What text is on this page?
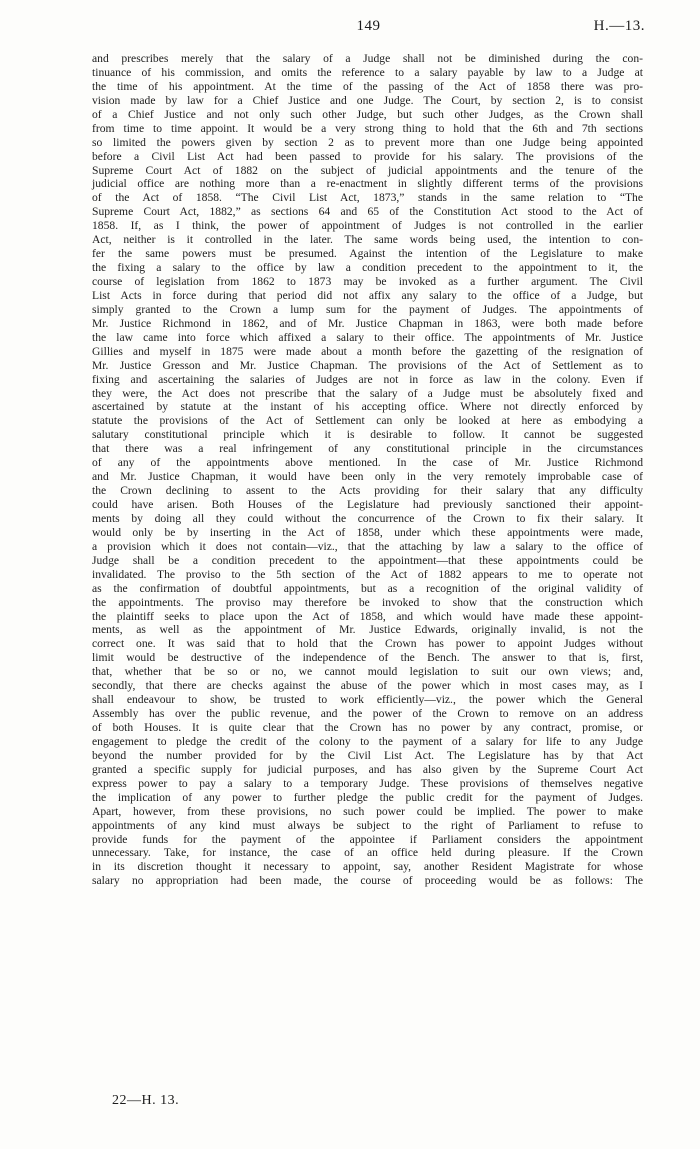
149	H.—13.
and prescribes merely that the salary of a Judge shall not be diminished during the con-
tinuance of his commission, and omits the reference to a salary payable by law to a Judge at
the time of his appointment. At the time of the passing of the Act of 1858 there was pro-
vision made by law for a Chief Justice and one Judge. The Court, by section 2, is to consist
of a Chief Justice and not only such other Judge, but such other Judges, as the Crown shall
from time to time appoint. It would be a very strong thing to hold that the 6th and 7th sections
so limited the powers given by section 2 as to prevent more than one Judge being appointed
before a Civil List Act had been passed to provide for his salary. The provisions of the
Supreme Court Act of 1882 on the subject of judicial appointments and the tenure of the
judicial office are nothing more than a re-enactment in slightly different terms of the provisions
of the Act of 1858. “The Civil List Act, 1873,” stands in the same relation to “The
Supreme Court Act, 1882,” as sections 64 and 65 of the Constitution Act stood to the Act of
1858. If, as I think, the power of appointment of Judges is not controlled in the earlier
Act, neither is it controlled in the later. The same words being used, the intention to con-
fer the same powers must be presumed. Against the intention of the Legislature to make
the fixing a salary to the office by law a condition precedent to the appointment to it, the
course of legislation from 1862 to 1873 may be invoked as a further argument. The Civil
List Acts in force during that period did not affix any salary to the office of a Judge, but
simply granted to the Crown a lump sum for the payment of Judges. The appointments of
Mr. Justice Richmond in 1862, and of Mr. Justice Chapman in 1863, were both made before
the law came into force which affixed a salary to their office. The appointments of Mr. Justice
Gillies and myself in 1875 were made about a month before the gazetting of the resignation of
Mr. Justice Gresson and Mr. Justice Chapman. The provisions of the Act of Settlement as to
fixing and ascertaining the salaries of Judges are not in force as law in the colony. Even if
they were, the Act does not prescribe that the salary of a Judge must be absolutely fixed and
ascertained by statute at the instant of his accepting office. Where not directly enforced by
statute the provisions of the Act of Settlement can only be looked at here as embodying a
salutary constitutional principle which it is desirable to follow. It cannot be suggested
that there was a real infringement of any constitutional principle in the circumstances
of any of the appointments above mentioned. In the case of Mr. Justice Richmond
and Mr. Justice Chapman, it would have been only in the very remotely improbable case of
the Crown declining to assent to the Acts providing for their salary that any difficulty
could have arisen. Both Houses of the Legislature had previously sanctioned their appoint-
ments by doing all they could without the concurrence of the Crown to fix their salary. It
would only be by inserting in the Act of 1858, under which these appointments were made,
a provision which it does not contain—viz., that the attaching by law a salary to the office of
Judge shall be a condition precedent to the appointment—that these appointments could be
invalidated. The proviso to the 5th section of the Act of 1882 appears to me to operate not
as the confirmation of doubtful appointments, but as a recognition of the original validity of
the appointments. The proviso may therefore be invoked to show that the construction which
the plaintiff seeks to place upon the Act of 1858, and which would have made these appoint-
ments, as well as the appointment of Mr. Justice Edwards, originally invalid, is not the
correct one. It was said that to hold that the Crown has power to appoint Judges without
limit would be destructive of the independence of the Bench. The answer to that is, first,
that, whether that be so or no, we cannot mould legislation to suit our own views; and,
secondly, that there are checks against the abuse of the power which in most cases may, as I
shall endeavour to show, be trusted to work efficiently—viz., the power which the General
Assembly has over the public revenue, and the power of the Crown to remove on an address
of both Houses. It is quite clear that the Crown has no power by any contract, promise, or
engagement to pledge the credit of the colony to the payment of a salary for life to any Judge
beyond the number provided for by the Civil List Act. The Legislature has by that Act
granted a specific supply for judicial purposes, and has also given by the Supreme Court Act
express power to pay a salary to a temporary Judge. These provisions of themselves negative
the implication of any power to further pledge the public credit for the payment of Judges.
Apart, however, from these provisions, no such power could be implied. The power to make
appointments of any kind must always be subject to the right of Parliament to refuse to
provide funds for the payment of the appointee if Parliament considers the appointment
unnecessary. Take, for instance, the case of an office held during pleasure. If the Crown
in its discretion thought it necessary to appoint, say, another Resident Magistrate for whose
salary no appropriation had been made, the course of proceeding would be as follows: The
22—H. 13.
